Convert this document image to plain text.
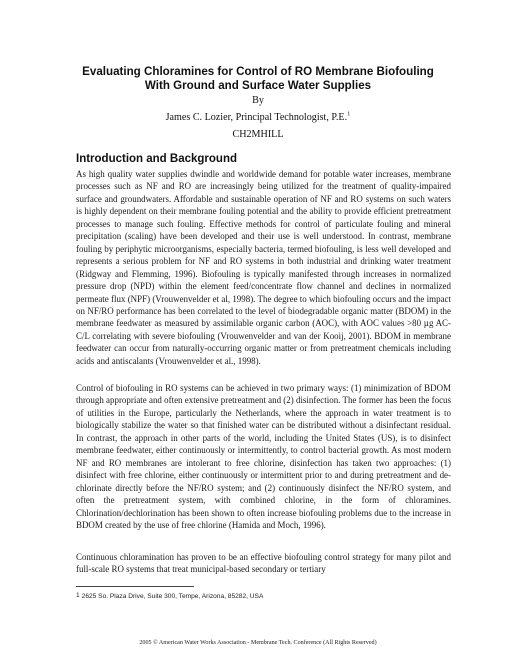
Evaluating Chloramines for Control of RO Membrane Biofouling With Ground and Surface Water Supplies

By

James C. Lozier, Principal Technologist, P.E.$^1$

CH2MHILL

Introduction and Background

As high quality water supplies dwindle and worldwide demand for potable water increases, membrane processes such as NF and RO are increasingly being utilized for the treatment of quality-impaired surface and groundwaters. Affordable and sustainable operation of NF and RO systems on such waters is highly dependent on their membrane fouling potential and the ability to provide efficient pretreatment processes to manage such fouling. Effective methods for control of particulate fouling and mineral precipitation (scaling) have been developed and their use is well understood. In contrast, membrane fouling by periphytic microorganisms, especially bacteria, termed biofouling, is less well developed and represents a serious problem for NF and RO systems in both industrial and drinking water treatment (Ridgway and Flemming, 1996). Biofouling is typically manifested through increases in normalized pressure drop (NPD) within the element feed/concentrate flow channel and declines in normalized permeate flux (NPF) (Vrouwenvelder et al, 1998). The degree to which biofouling occurs and the impact on NF/RO performance has been correlated to the level of biodegradable organic matter (BDOM) in the membrane feedwater as measured by assimilable organic carbon (AOC), with AOC values >80 µg AC-C/L correlating with severe biofouling (Vrouwenvelder and van der Kooij, 2001). BDOM in membrane feedwater can occur from naturally-occurring organic matter or from pretreatment chemicals including acids and antiscalants (Vrouwenvelder et al., 1998).

Control of biofouling in RO systems can be achieved in two primary ways: (1) minimization of BDOM through appropriate and often extensive pretreatment and (2) disinfection. The former has been the focus of utilities in the Europe, particularly the Netherlands, where the approach in water treatment is to biologically stabilize the water so that finished water can be distributed without a disinfectant residual. In contrast, the approach in other parts of the world, including the United States (US), is to disinfect membrane feedwater, either continuously or intermittently, to control bacterial growth. As most modern NF and RO membranes are intolerant to free chlorine, disinfection has taken two approaches: (1) disinfect with free chlorine, either continuously or intermittent prior to and during pretreatment and de-chlorinate directly before the NF/RO system; and (2) continuously disinfect the NF/RO system, and often the pretreatment system, with combined chlorine, in the form of chloramines. Chlorination/dechlorination has been shown to often increase biofouling problems due to the increase in BDOM created by the use of free chlorine (Hamida and Moch, 1996).

Continuous chloramination has proven to be an effective biofouling control strategy for many pilot and full-scale RO systems that treat municipal-based secondary or tertiary

$^1$ 2625 So. Plaza Drive, Suite 300, Tempe, Arizona, 85282, USA

2005 © American Water Works Association - Membrane Tech. Conference (All Rights Reserved)
